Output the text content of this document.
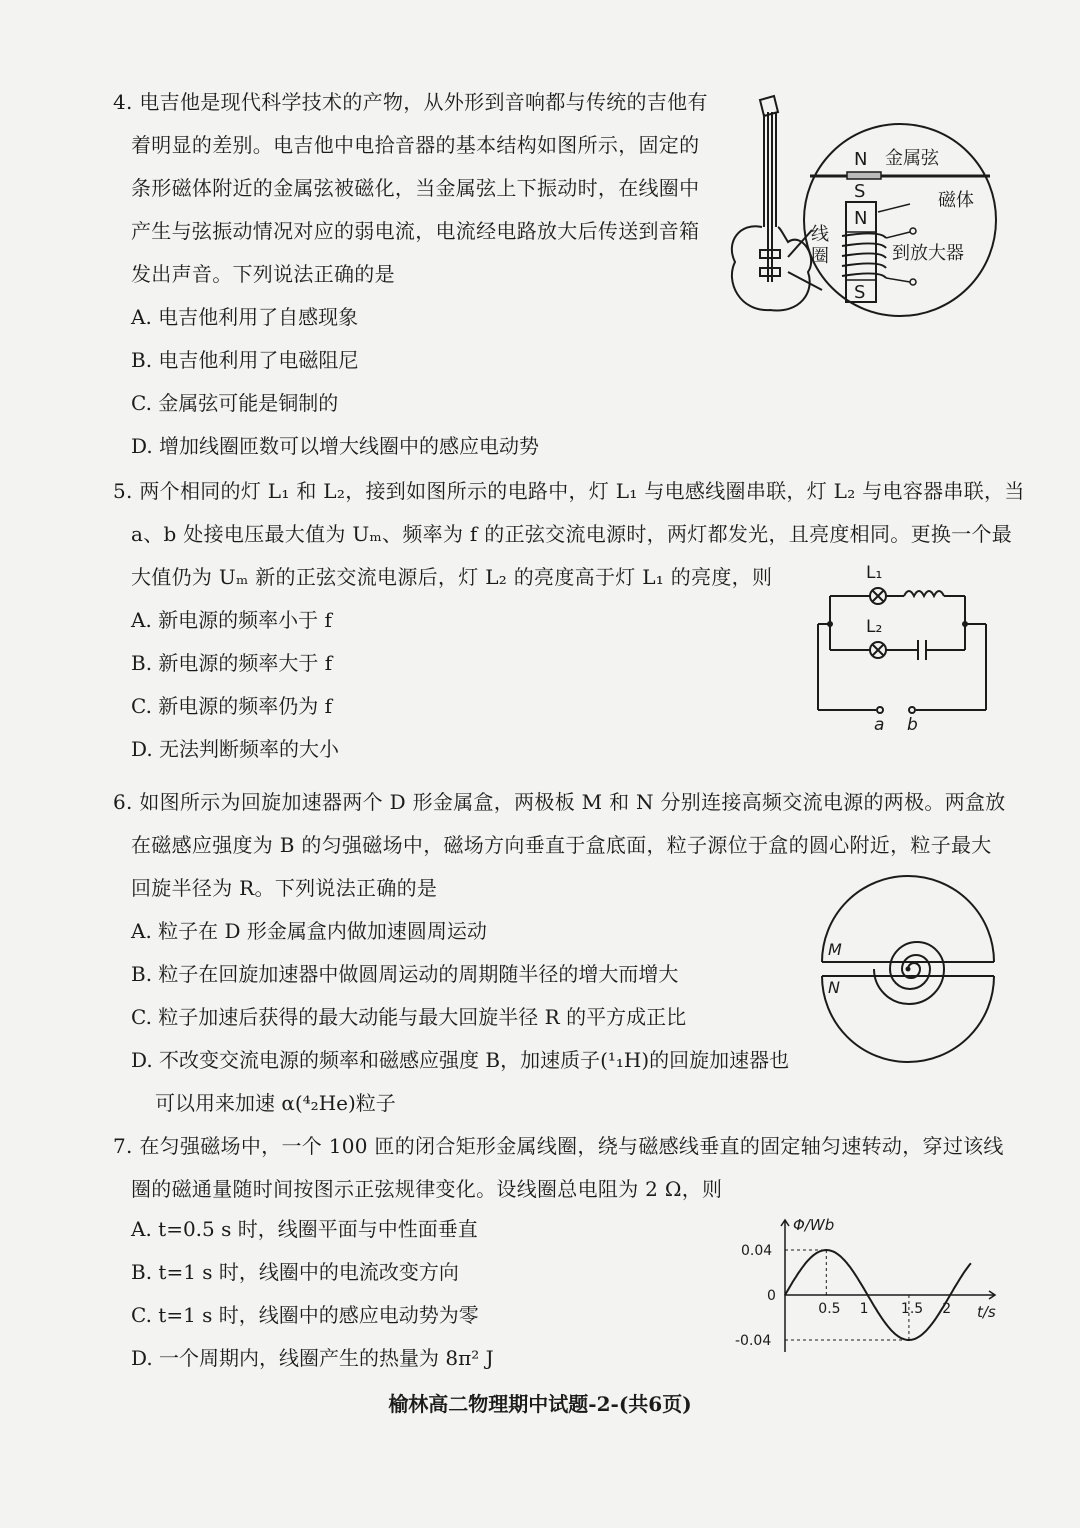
4. 电吉他是现代科学技术的产物，从外形到音响都与传统的吉他有
着明显的差别。电吉他中电拾音器的基本结构如图所示，固定的
条形磁体附近的金属弦被磁化，当金属弦上下振动时，在线圈中
产生与弦振动情况对应的弱电流，电流经电路放大后传送到音箱
发出声音。下列说法正确的是
A. 电吉他利用了自感现象
B. 电吉他利用了电磁阻尼
C. 金属弦可能是铜制的
D. 增加线圈匝数可以增大线圈中的感应电动势
N 金属弦
S
N
磁体
线
圈	到放大器
S
5. 两个相同的灯 L₁ 和 L₂，接到如图所示的电路中，灯 L₁ 与电感线圈串联，灯 L₂ 与电容器串联，当
a、b 处接电压最大值为 Uₘ、频率为 f 的正弦交流电源时，两灯都发光，且亮度相同。更换一个最
大值仍为 Uₘ 新的正弦交流电源后，灯 L₂ 的亮度高于灯 L₁ 的亮度，则
A. 新电源的频率小于 f
B. 新电源的频率大于 f
C. 新电源的频率仍为 f
D. 无法判断频率的大小
L₁
L₂
a b
6. 如图所示为回旋加速器两个 D 形金属盒，两极板 M 和 N 分别连接高频交流电源的两极。两盒放
在磁感应强度为 B 的匀强磁场中，磁场方向垂直于盒底面，粒子源位于盒的圆心附近，粒子最大
回旋半径为 R。下列说法正确的是
A. 粒子在 D 形金属盒内做加速圆周运动
B. 粒子在回旋加速器中做圆周运动的周期随半径的增大而增大
C. 粒子加速后获得的最大动能与最大回旋半径 R 的平方成正比
D. 不改变交流电源的频率和磁感应强度 B，加速质子(¹₁H)的回旋加速器也
可以用来加速 α(⁴₂He)粒子
M
N
7. 在匀强磁场中，一个 100 匝的闭合矩形金属线圈，绕与磁感线垂直的固定轴匀速转动，穿过该线
圈的磁通量随时间按图示正弦规律变化。设线圈总电阻为 2 Ω，则
A. t=0.5 s 时，线圈平面与中性面垂直
B. t=1 s 时，线圈中的电流改变方向
C. t=1 s 时，线圈中的感应电动势为零
D. 一个周期内，线圈产生的热量为 8π² J
0.5 1 1.5 2
0.04
0
-0.04
Φ/Wb
t/s
榆林高二物理期中试题-2-(共6页)
